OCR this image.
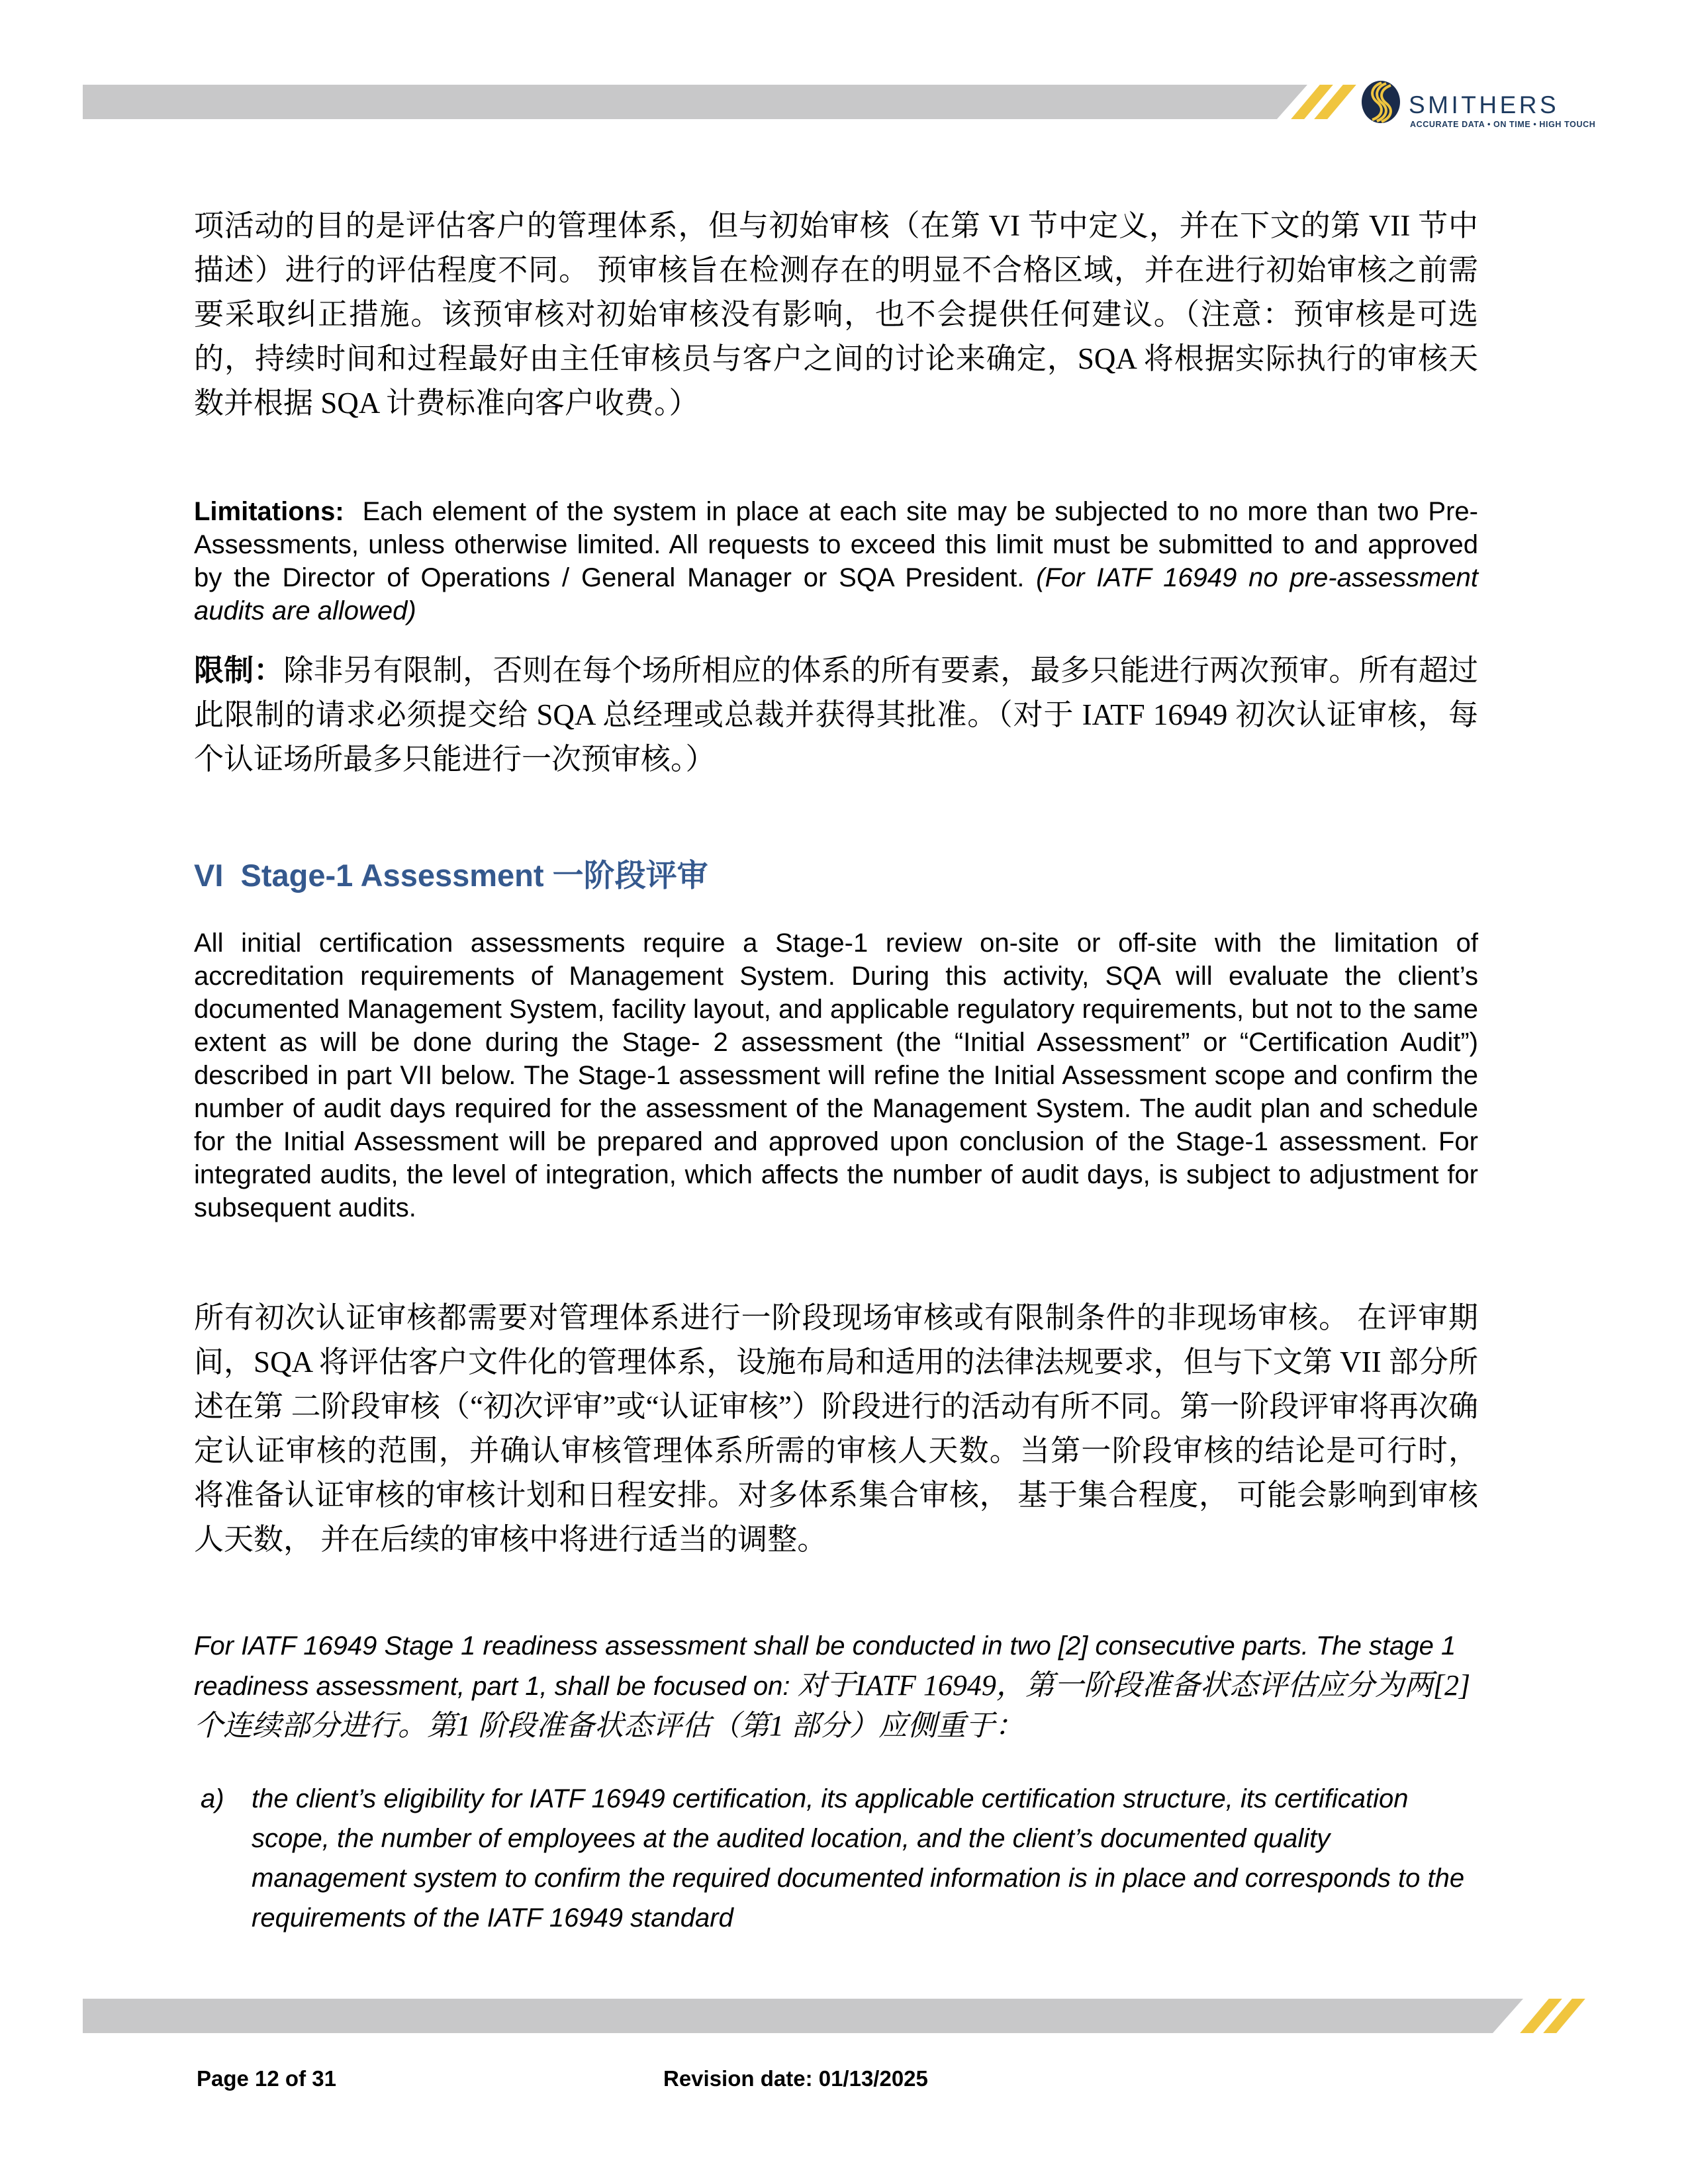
SMITHERS
ACCURATE DATA • ON TIME • HIGH TOUCH

项活动的目的是评估客户的管理体系，但与初始审核（在第 VI 节中定义，并在下文的第 VII 节中描述）进行的评估程度不同。 预审核旨在检测存在的明显不合格区域，并在进行初始审核之前需要采取纠正措施。该预审核对初始审核没有影响，也不会提供任何建议。（注意：预审核是可选的，持续时间和过程最好由主任审核员与客户之间的讨论来确定，SQA 将根据实际执行的审核天数并根据 SQA 计费标准向客户收费。）

Limitations:  Each element of the system in place at each site may be subjected to no more than two Pre-Assessments, unless otherwise limited. All requests to exceed this limit must be submitted to and approved by the Director of Operations / General Manager or SQA President. (For IATF 16949 no pre-assessment audits are allowed)

限制：除非另有限制，否则在每个场所相应的体系的所有要素，最多只能进行两次预审。所有超过此限制的请求必须提交给 SQA 总经理或总裁并获得其批准。（对于 IATF 16949 初次认证审核，每个认证场所最多只能进行一次预审核。）

VI  Stage-1 Assessment 一阶段评审

All initial certification assessments require a Stage-1 review on-site or off-site with the limitation of accreditation requirements of Management System. During this activity, SQA will evaluate the client’s documented Management System, facility layout, and applicable regulatory requirements, but not to the same extent as will be done during the Stage- 2 assessment (the “Initial Assessment” or “Certification Audit”) described in part VII below. The Stage-1 assessment will refine the Initial Assessment scope and confirm the number of audit days required for the assessment of the Management System. The audit plan and schedule for the Initial Assessment will be prepared and approved upon conclusion of the Stage-1 assessment. For integrated audits, the level of integration, which affects the number of audit days, is subject to adjustment for subsequent audits.

所有初次认证审核都需要对管理体系进行一阶段现场审核或有限制条件的非现场审核。 在评审期间，SQA 将评估客户文件化的管理体系，设施布局和适用的法律法规要求，但与下文第 VII 部分所述在第 二阶段审核（“初次评审”或“认证审核”）阶段进行的活动有所不同。第一阶段评审将再次确定认证审核的范围，并确认审核管理体系所需的审核人天数。当第一阶段审核的结论是可行时， 将准备认证审核的审核计划和日程安排。对多体系集合审核， 基于集合程度， 可能会影响到审核人天数， 并在后续的审核中将进行适当的调整。

For IATF 16949 Stage 1 readiness assessment shall be conducted in two [2] consecutive parts. The stage 1 readiness assessment, part 1, shall be focused on: 对于IATF 16949，第一阶段准备状态评估应分为两[2]个连续部分进行。第1 阶段准备状态评估（第1 部分）应侧重于：

a) the client’s eligibility for IATF 16949 certification, its applicable certification structure, its certification scope, the number of employees at the audited location, and the client’s documented quality management system to confirm the required documented information is in place and corresponds to the requirements of the IATF 16949 standard

Page 12 of 31	Revision date: 01/13/2025
